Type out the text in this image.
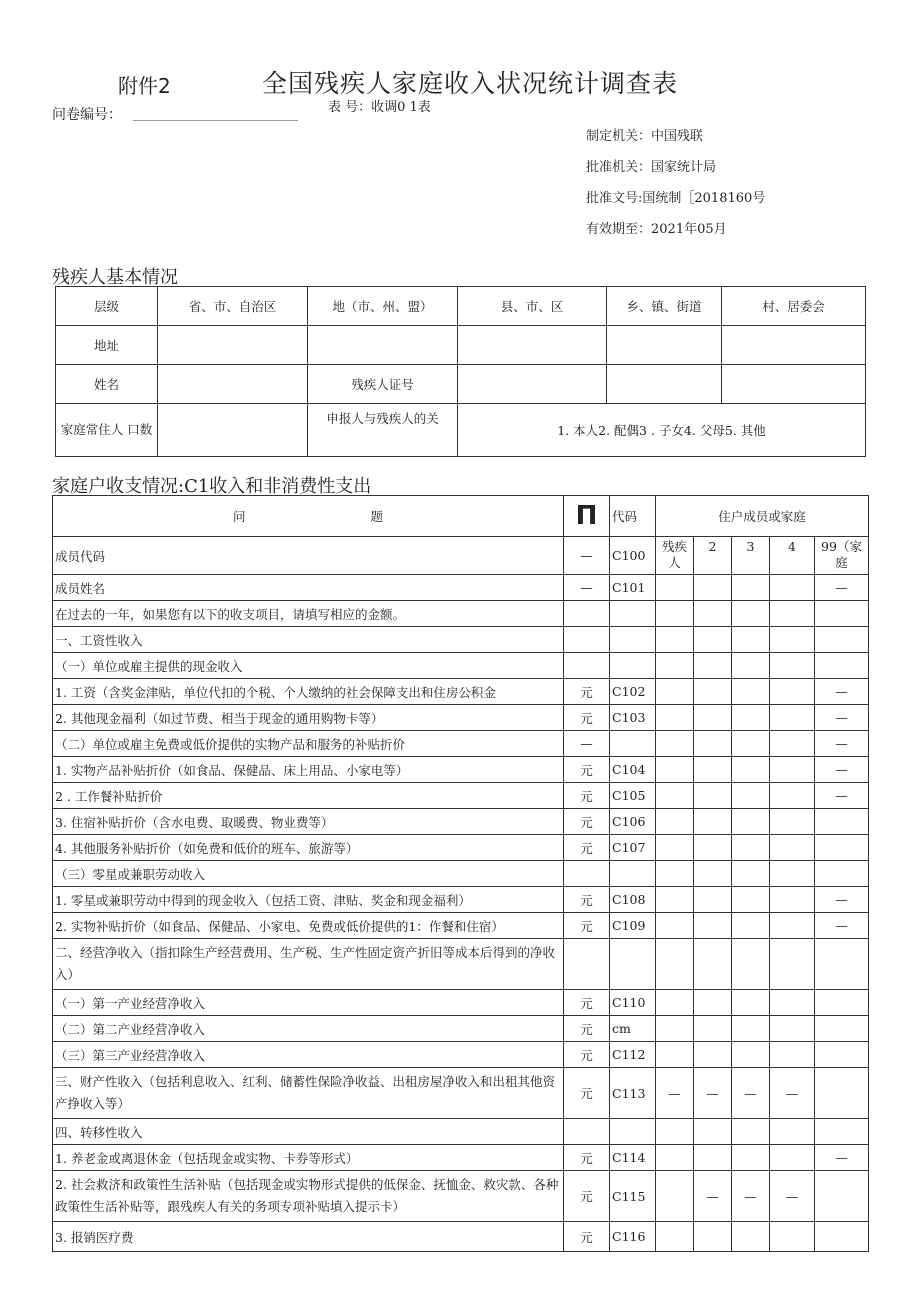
附件2	全国残疾人家庭收入状况统计调查表
表 号：收调0 1表
问卷编号：
制定机关：中国残联
批准机关：国家统计局
批准文号:国统制［2018160号
有效期至：2021年05月
残疾人基本情况
层级	省、市、自治区	地（市、州、盟）	县、市、区	乡、镇、街道	村、居委会
地址					
姓名		残疾人证号			
家庭常住人 口数		申报人与残疾人的关	1. 本人2. 配偶3 . 子女4. 父母5. 其他		
家庭户收支情况:C1收入和非消费性支出
问　　　　　　　　　　题	П	代码	住户成员或家庭				
成员代码	—	C100	残疾人	2	3	4	99（家庭
成员姓名	—	C101					—
在过去的一年，如果您有以下的收支项目，请填写相应的金额。							
一、工资性收入							
（一）单位或雇主提供的现金收入							
1. 工资（含奖金津贴，单位代扣的个税、个人缴纳的社会保障支出和住房公积金	元	C102					—
2. 其他现金福利（如过节费、相当于现金的通用购物卡等）	元	C103					—
（二）单位或雇主免费或低价提供的实物产品和服务的补贴折价	—						—
1. 实物产品补贴折价（如食品、保健品、床上用品、小家电等）	元	C104					—
2 . 工作餐补贴折价	元	C105					—
3. 住宿补贴折价（含水电费、取暖费、物业费等）	元	C106					
4. 其他服务补贴折价（如免费和低价的班车、旅游等）	元	C107					
（三）零星或兼职劳动收入							
1. 零星或兼职劳动中得到的现金收入（包括工资、津贴、奖金和现金福利）	元	C108					—
2. 实物补贴折价（如食品、保健品、小家电、免费或低价提供的1：作餐和住宿）	元	C109					—
二、经营净收入（指扣除生产经营费用、生产税、生产性固定资产折旧等成本后得到的净收入）							
（一）第一产业经营净收入	元	C110					
（二）第二产业经营净收入	元	cm					
（三）第三产业经营净收入	元	C112					
三、财产性收入（包括利息收入、红利、储蓄性保险净收益、出租房屋净收入和出租其他资产挣收入等）	元	C113	—	—	—	—	
四、转移性收入							
1. 养老金或离退休金（包括现金或实物、卡券等形式）	元	C114					—
2. 社会救济和政策性生活补贴（包括现金或实物形式提供的低保金、抚恤金、救灾款、各种政策性生活补贴等，跟残疾人有关的务项专项补贴填入提示卡）	元	C115		—	—	—	
3. 报销医疗费	元	C116					
